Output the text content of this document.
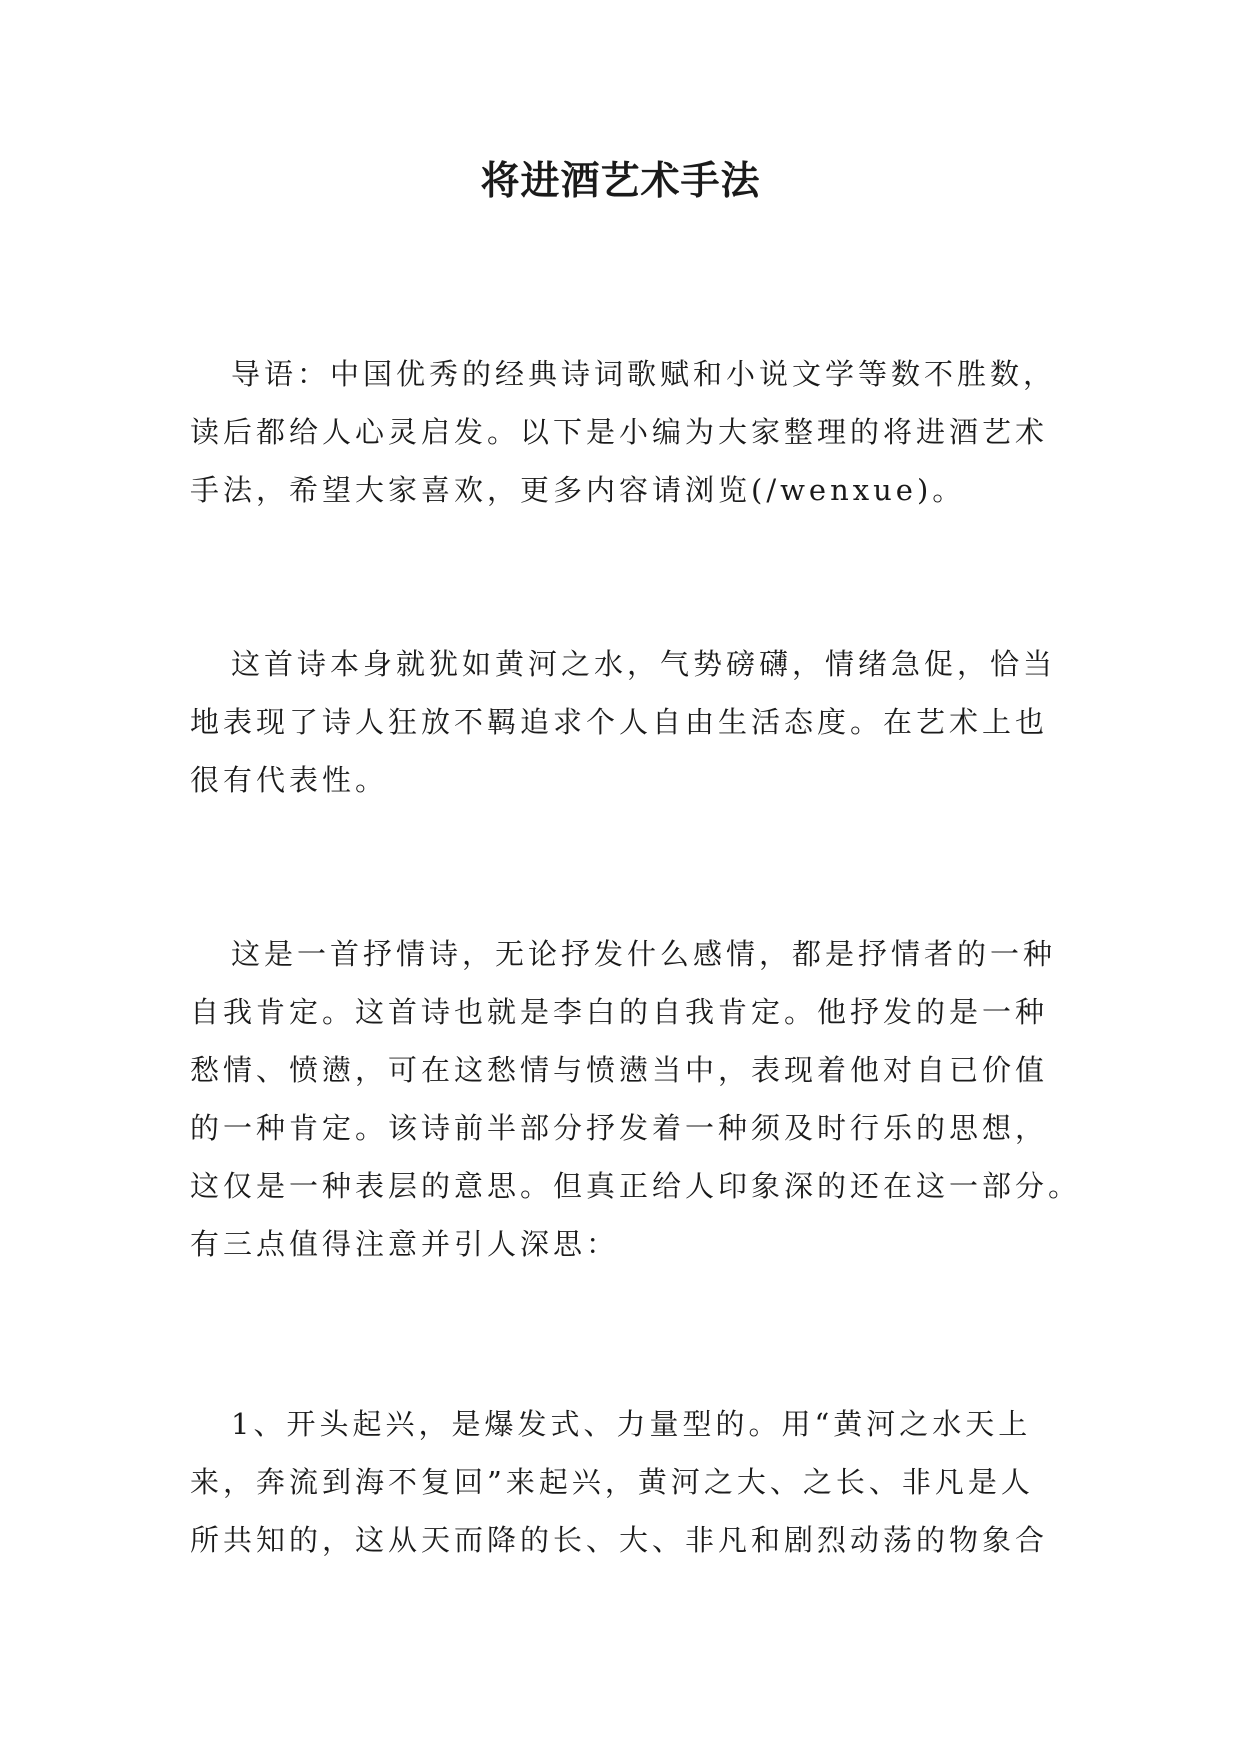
将进酒艺术手法
导语：中国优秀的经典诗词歌赋和小说文学等数不胜数，
读后都给人心灵启发。以下是小编为大家整理的将进酒艺术
手法，希望大家喜欢，更多内容请浏览(/wenxue)。
这首诗本身就犹如黄河之水，气势磅礴，情绪急促，恰当
地表现了诗人狂放不羁追求个人自由生活态度。在艺术上也
很有代表性。
这是一首抒情诗，无论抒发什么感情，都是抒情者的一种
自我肯定。这首诗也就是李白的自我肯定。他抒发的是一种
愁情、愤懑，可在这愁情与愤懑当中，表现着他对自已价值
的一种肯定。该诗前半部分抒发着一种须及时行乐的思想，
这仅是一种表层的意思。但真正给人印象深的还在这一部分。
有三点值得注意并引人深思：
1、开头起兴，是爆发式、力量型的。用“黄河之水天上
来，奔流到海不复回”来起兴，黄河之大、之长、非凡是人
所共知的，这从天而降的长、大、非凡和剧烈动荡的物象合
